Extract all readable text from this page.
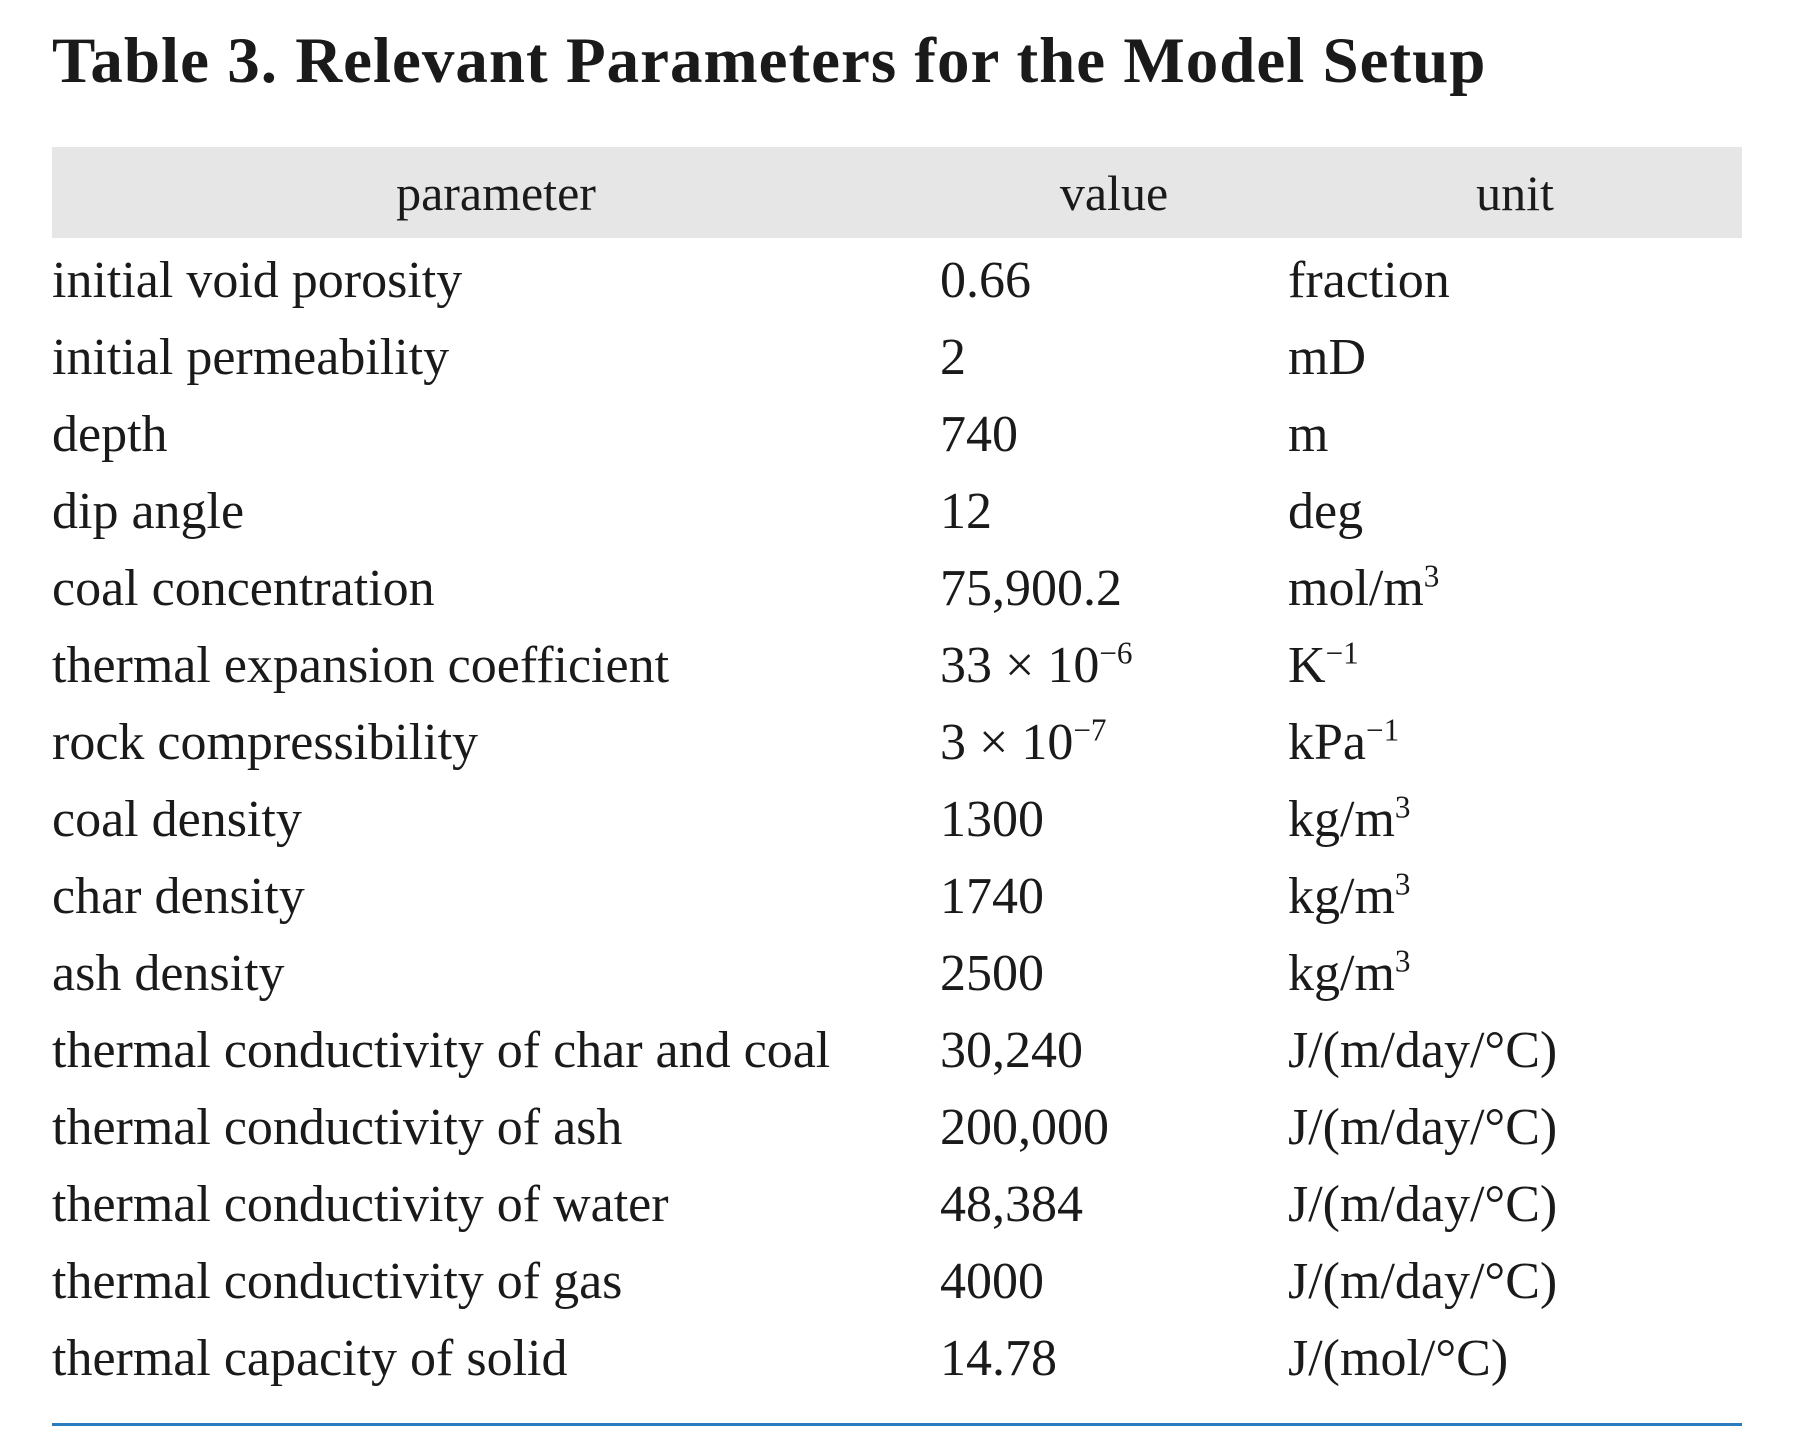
Table 3. Relevant Parameters for the Model Setup
parameter	value	unit
initial void porosity	0.66	fraction
initial permeability	2	mD
depth	740	m
dip angle	12	deg
coal concentration	75,900.2	mol/$m^3$
thermal expansion coefficient	$33 \times 10^{-6}$	$K^{-1}$
rock compressibility	$3 \times 10^{-7}$	kPa$^{-1}$
coal density	1300	$kg/m^3$
char density	1740	$kg/m^3$
ash density	2500	$kg/m^3$
thermal conductivity of char and coal	30,240	J/(m/day/°C)
thermal conductivity of ash	200,000	J/(m/day/°C)
thermal conductivity of water	48,384	J/(m/day/°C)
thermal conductivity of gas	4000	J/(m/day/°C)
thermal capacity of solid	14.78	J/(mol/°C)
